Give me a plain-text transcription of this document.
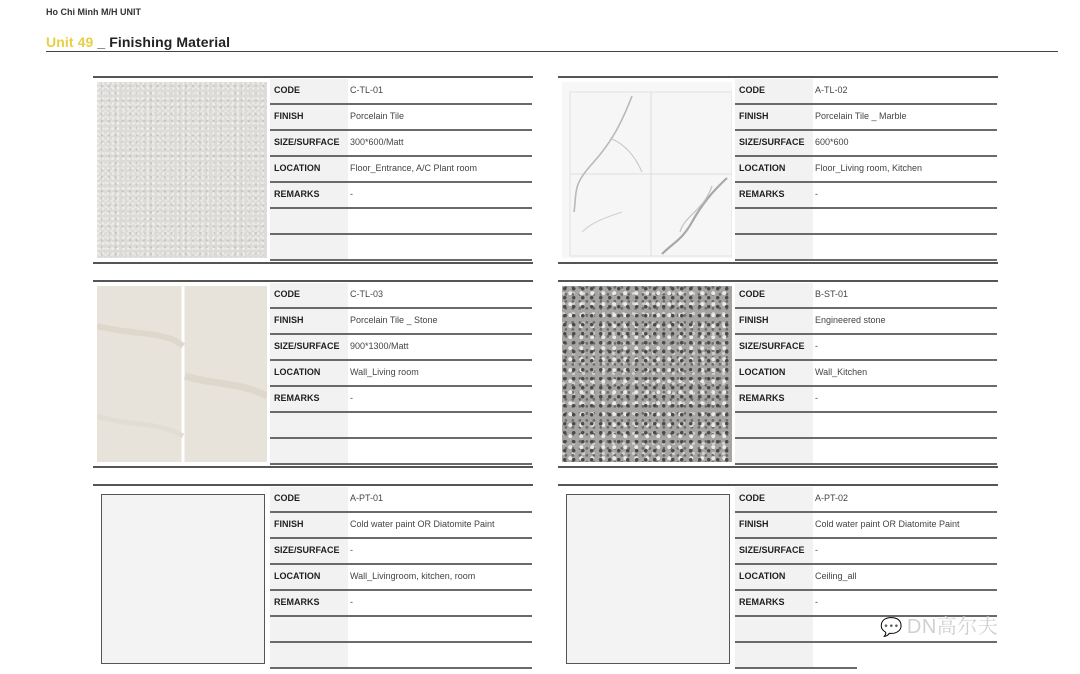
Ho Chi Minh M/H UNIT
Unit 49 _ Finishing Material
CODE	C-TL-01
FINISH	Porcelain Tile
SIZE/SURFACE 300*600/Matt
LOCATION	Floor_Entrance, A/C Plant room
REMARKS	-
CODE	A-TL-02
FINISH	Porcelain Tile _ Marble
SIZE/SURFACE 600*600
LOCATION	Floor_Living room, Kitchen
REMARKS	-
CODE	C-TL-03
FINISH	Porcelain Tile _ Stone
SIZE/SURFACE 900*1300/Matt
LOCATION	Wall_Living room
REMARKS	-
CODE	B-ST-01
FINISH	Engineered stone
SIZE/SURFACE -
LOCATION	Wall_Kitchen
REMARKS	-
CODE	A-PT-01
FINISH	Cold water paint OR Diatomite Paint
SIZE/SURFACE -
LOCATION	Wall_Livingroom, kitchen, room
REMARKS	-
CODE	A-PT-02
FINISH	Cold water paint OR Diatomite Paint
SIZE/SURFACE -
LOCATION	Ceiling_all
REMARKS	-
💬 DN高尔夫
